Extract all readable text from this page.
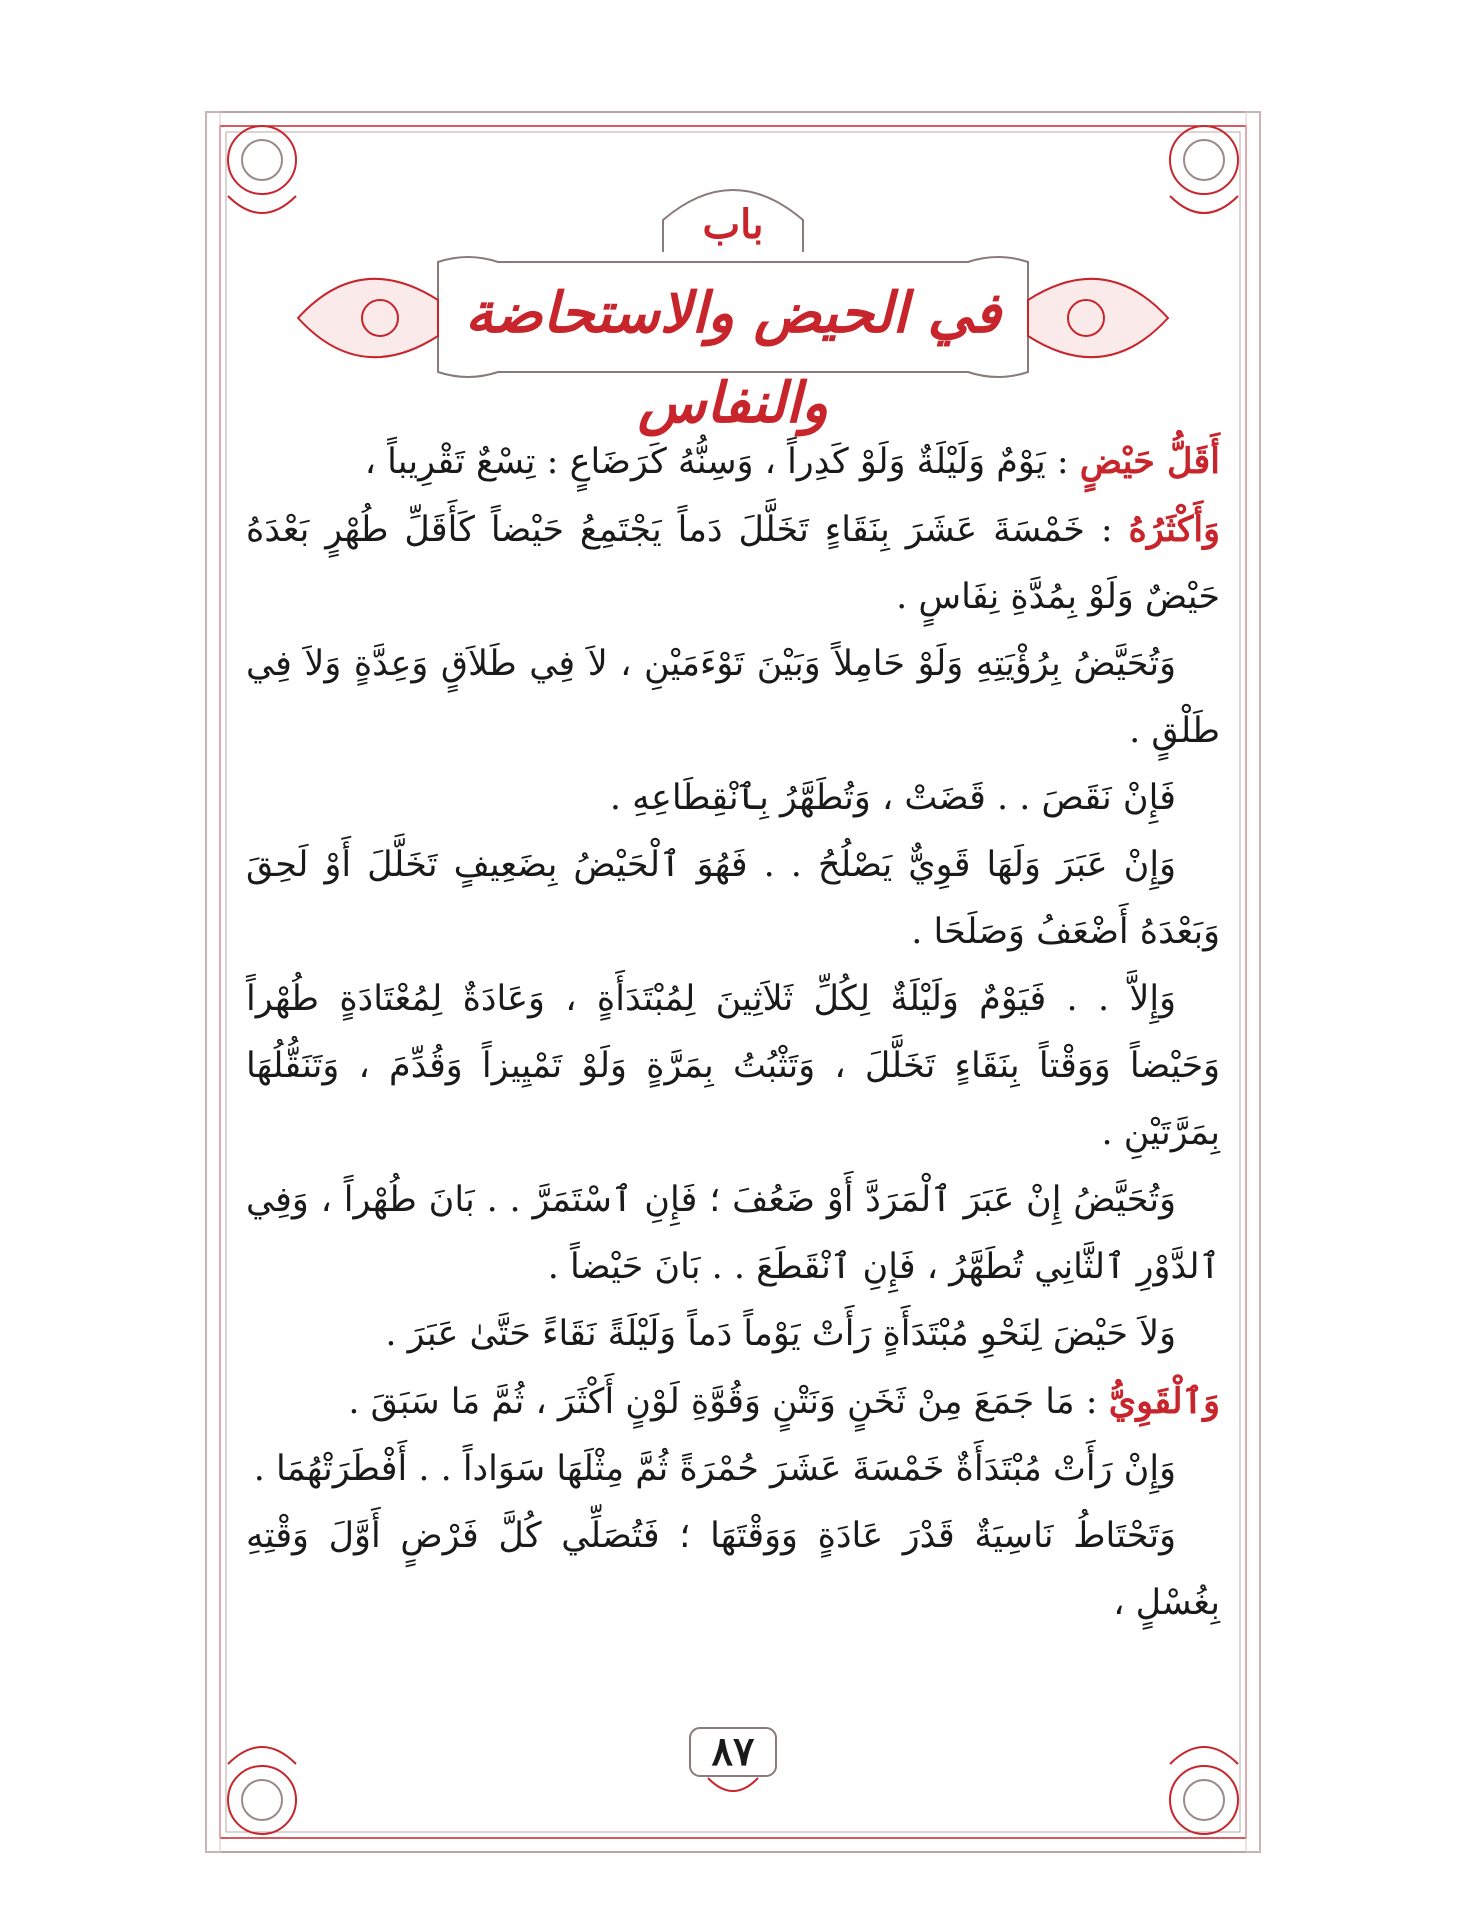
باب
في الحيض والاستحاضة والنفاس

أَقَلُّ حَيْضٍ : يَوْمٌ وَلَيْلَةٌ وَلَوْ كَدِراً ، وَسِنُّهُ كَرَضَاعٍ : تِسْعٌ تَقْرِيباً ،

وَأَكْثَرُهُ : خَمْسَةَ عَشَرَ بِنَقَاءٍ تَخَلَّلَ دَماً يَجْتَمِعُ حَيْضاً كَأَقَلِّ طُهْرٍ بَعْدَهُ حَيْضٌ وَلَوْ بِمُدَّةِ نِفَاسٍ .

وَتُحَيَّضُ بِرُؤْيَتِهِ وَلَوْ حَامِلاً وَبَيْنَ تَوْءَمَيْنِ ، لاَ فِي طَلاَقٍ وَعِدَّةٍ وَلاَ فِي طَلْقٍ .

فَإِنْ نَقَصَ . . قَضَتْ ، وَتُطَهَّرُ بِٱنْقِطَاعِهِ .

وَإِنْ عَبَرَ وَلَهَا قَوِيٌّ يَصْلُحُ . . فَهُوَ ٱلْحَيْضُ بِضَعِيفٍ تَخَلَّلَ أَوْ لَحِقَ وَبَعْدَهُ أَضْعَفُ وَصَلَحَا .

وَإِلاَّ . . فَيَوْمٌ وَلَيْلَةٌ لِكُلِّ ثَلاَثِينَ لِمُبْتَدَأَةٍ ، وَعَادَةٌ لِمُعْتَادَةٍ طُهْراً وَحَيْضاً وَوَقْتاً بِنَقَاءٍ تَخَلَّلَ ، وَتَثْبُتُ بِمَرَّةٍ وَلَوْ تَمْيِيزاً وَقُدِّمَ ، وَتَنَقُّلُهَا بِمَرَّتَيْنِ .

وَتُحَيَّضُ إِنْ عَبَرَ ٱلْمَرَدَّ أَوْ ضَعُفَ ؛ فَإِنِ ٱسْتَمَرَّ . . بَانَ طُهْراً ، وَفِي ٱلدَّوْرِ ٱلثَّانِي تُطَهَّرُ ، فَإِنِ ٱنْقَطَعَ . . بَانَ حَيْضاً .

وَلاَ حَيْضَ لِنَحْوِ مُبْتَدَأَةٍ رَأَتْ يَوْماً دَماً وَلَيْلَةً نَقَاءً حَتَّىٰ عَبَرَ .

وَٱلْقَوِيُّ : مَا جَمَعَ مِنْ ثَخَنٍ وَنَتْنٍ وَقُوَّةِ لَوْنٍ أَكْثَرَ ، ثُمَّ مَا سَبَقَ .

وَإِنْ رَأَتْ مُبْتَدَأَةٌ خَمْسَةَ عَشَرَ حُمْرَةً ثُمَّ مِثْلَهَا سَوَاداً . . أَفْطَرَتْهُمَا .

وَتَحْتَاطُ نَاسِيَةٌ قَدْرَ عَادَةٍ وَوَقْتَهَا ؛ فَتُصَلِّي كُلَّ فَرْضٍ أَوَّلَ وَقْتِهِ بِغُسْلٍ ،

٨٧
